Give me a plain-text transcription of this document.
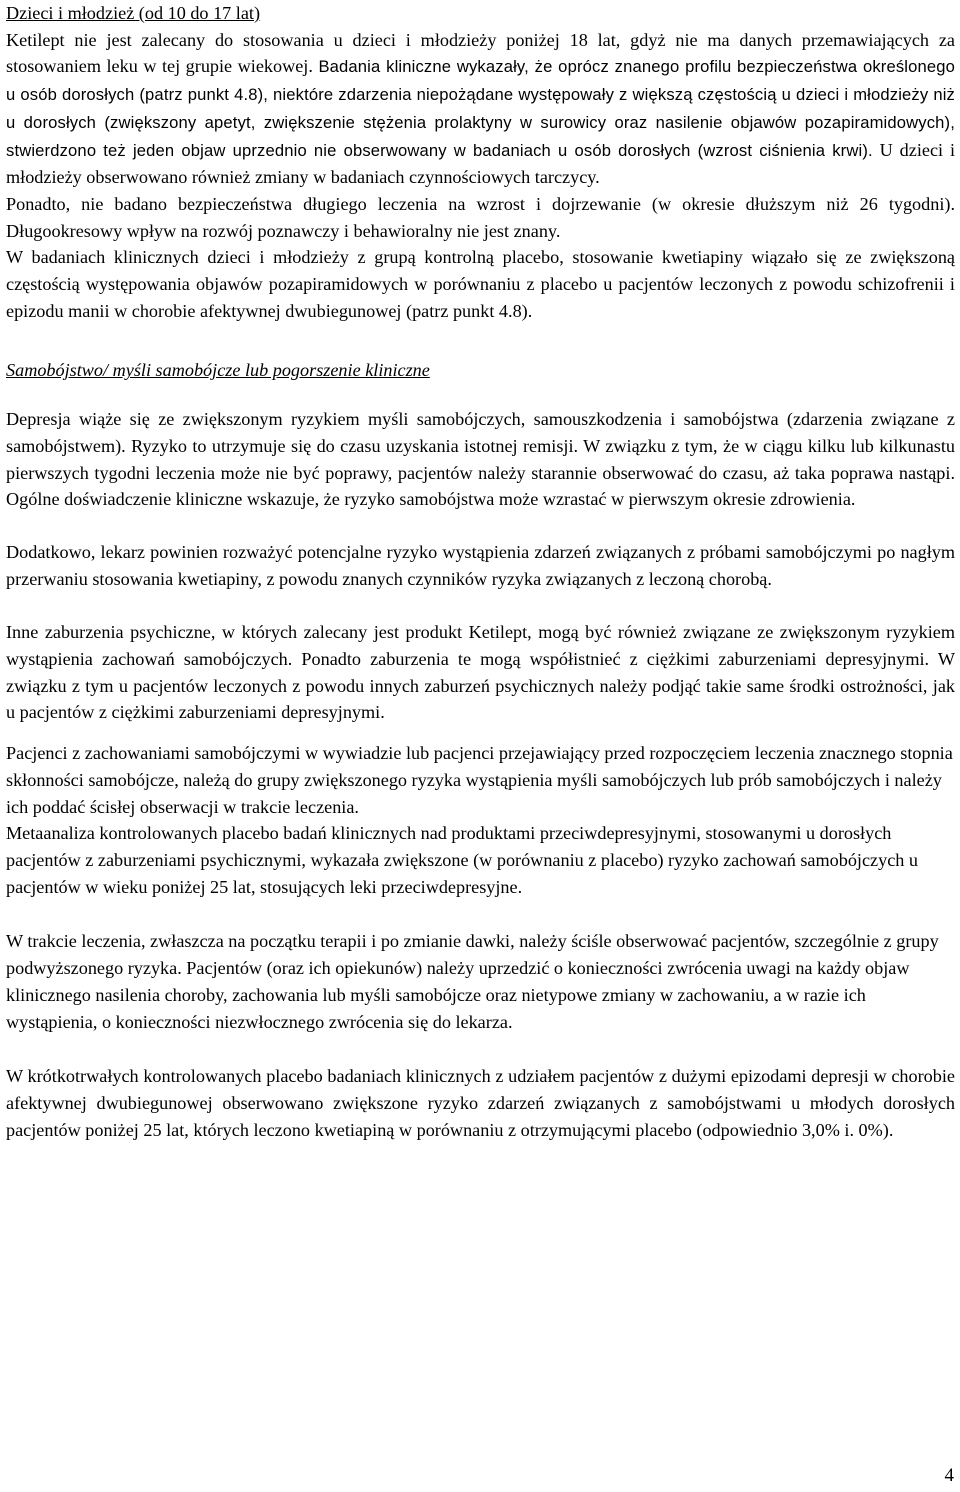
Dzieci i młodzież (od 10 do 17 lat)

Ketilept nie jest zalecany do stosowania u dzieci i młodzieży poniżej 18 lat, gdyż nie ma danych przemawiających za stosowaniem leku w tej grupie wiekowej. Badania kliniczne wykazały, że oprócz znanego profilu bezpieczeństwa określonego u osób dorosłych (patrz punkt 4.8), niektóre zdarzenia niepożądane występowały z większą częstością u dzieci i młodzieży niż u dorosłych (zwiększony apetyt, zwiększenie stężenia prolaktyny w surowicy oraz nasilenie objawów pozapiramidowych), stwierdzono też jeden objaw uprzednio nie obserwowany w badaniach u osób dorosłych (wzrost ciśnienia krwi). U dzieci i młodzieży obserwowano również zmiany w badaniach czynnościowych tarczycy.

Ponadto, nie badano bezpieczeństwa długiego leczenia na wzrost i dojrzewanie (w okresie dłuższym niż 26 tygodni). Długookresowy wpływ na rozwój poznawczy i behawioralny nie jest znany.

W badaniach klinicznych dzieci i młodzieży z grupą kontrolną placebo, stosowanie kwetiapiny wiązało się ze zwiększoną częstością występowania objawów pozapiramidowych w porównaniu z placebo u pacjentów leczonych z powodu schizofrenii i epizodu manii w chorobie afektywnej dwubiegunowej (patrz punkt 4.8).

Samobójstwo/ myśli samobójcze lub pogorszenie kliniczne

Depresja wiąże się ze zwiększonym ryzykiem myśli samobójczych, samouszkodzenia i samobójstwa (zdarzenia związane z samobójstwem). Ryzyko to utrzymuje się do czasu uzyskania istotnej remisji. W związku z tym, że w ciągu kilku lub kilkunastu pierwszych tygodni leczenia może nie być poprawy, pacjentów należy starannie obserwować do czasu, aż taka poprawa nastąpi. Ogólne doświadczenie kliniczne wskazuje, że ryzyko samobójstwa może wzrastać w pierwszym okresie zdrowienia.

Dodatkowo, lekarz powinien rozważyć potencjalne ryzyko wystąpienia zdarzeń związanych z próbami samobójczymi po nagłym przerwaniu stosowania kwetiapiny, z powodu znanych czynników ryzyka związanych z leczoną chorobą.

Inne zaburzenia psychiczne, w których zalecany jest produkt Ketilept, mogą być również związane ze zwiększonym ryzykiem wystąpienia zachowań samobójczych. Ponadto zaburzenia te mogą współistnieć z ciężkimi zaburzeniami depresyjnymi. W związku z tym u pacjentów leczonych z powodu innych zaburzeń psychicznych należy podjąć takie same środki ostrożności, jak u pacjentów z ciężkimi zaburzeniami depresyjnymi.

Pacjenci z zachowaniami samobójczymi w wywiadzie lub pacjenci przejawiający przed rozpoczęciem leczenia znacznego stopnia skłonności samobójcze, należą do grupy zwiększonego ryzyka wystąpienia myśli samobójczych lub prób samobójczych i należy ich poddać ścisłej obserwacji w trakcie leczenia.

Metaanaliza kontrolowanych placebo badań klinicznych nad produktami przeciwdepresyjnymi, stosowanymi u dorosłych pacjentów z zaburzeniami psychicznymi, wykazała zwiększone (w porównaniu z placebo) ryzyko zachowań samobójczych u pacjentów w wieku poniżej 25 lat, stosujących leki przeciwdepresyjne.

W trakcie leczenia, zwłaszcza na początku terapii i po zmianie dawki, należy ściśle obserwować pacjentów, szczególnie z grupy podwyższonego ryzyka. Pacjentów (oraz ich opiekunów) należy uprzedzić o konieczności zwrócenia uwagi na każdy objaw klinicznego nasilenia choroby, zachowania lub myśli samobójcze oraz nietypowe zmiany w zachowaniu, a w razie ich wystąpienia, o konieczności niezwłocznego zwrócenia się do lekarza.

W krótkotrwałych kontrolowanych placebo badaniach klinicznych z udziałem pacjentów z dużymi epizodami depresji w chorobie afektywnej dwubiegunowej obserwowano zwiększone ryzyko zdarzeń związanych z samobójstwami u młodych dorosłych pacjentów poniżej 25 lat, których leczono kwetiapiną w porównaniu z otrzymującymi placebo (odpowiednio 3,0% i. 0%).

4
